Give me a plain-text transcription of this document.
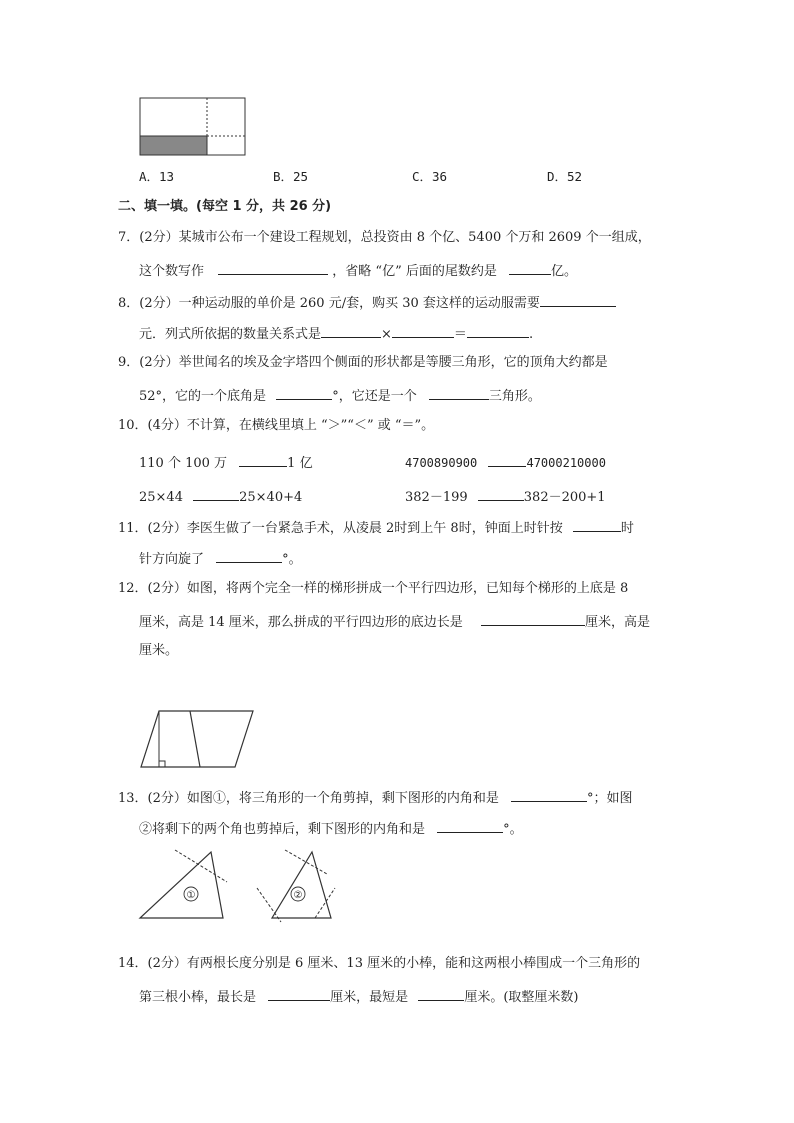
A．13	B．25	C．36	D．52
二、填一填。(每空 1 分，共 26 分)
7．(2分）某城市公布一个建设工程规划，总投资由 8 个亿、5400 个万和 2609 个一组成，
这个数写作	，省略 “亿” 后面的尾数约是	亿。
8．(2分）一种运动服的单价是 260 元/套，购买 30 套这样的运动服需要
元．列式所依据的数量关系式是	×	＝	.
9．(2分）举世闻名的埃及金字塔四个侧面的形状都是等腰三角形，它的顶角大约都是
52°，它的一个底角是	°，它还是一个	三角形。
10．(4分）不计算，在横线里填上 “＞”“＜” 或 “＝”。
110 个 100 万	1 亿	4700890900	47000210000
25×44	25×40+4	382－199	382－200+1
11．(2分）李医生做了一台紧急手术，从凌晨 2时到上午 8时，钟面上时针按	时
针方向旋了	°。
12．(2分）如图，将两个完全一样的梯形拼成一个平行四边形，已知每个梯形的上底是 8
厘米，高是 14 厘米，那么拼成的平行四边形的底边长是	厘米，高是
厘米。
13．(2分）如图①，将三角形的一个角剪掉，剩下图形的内角和是	°；如图
②将剩下的两个角也剪掉后，剩下图形的内角和是	°。
①	②
14．(2分）有两根长度分别是 6 厘米、13 厘米的小棒，能和这两根小棒围成一个三角形的
第三根小棒，最长是	厘米，最短是	厘米。(取整厘米数)
